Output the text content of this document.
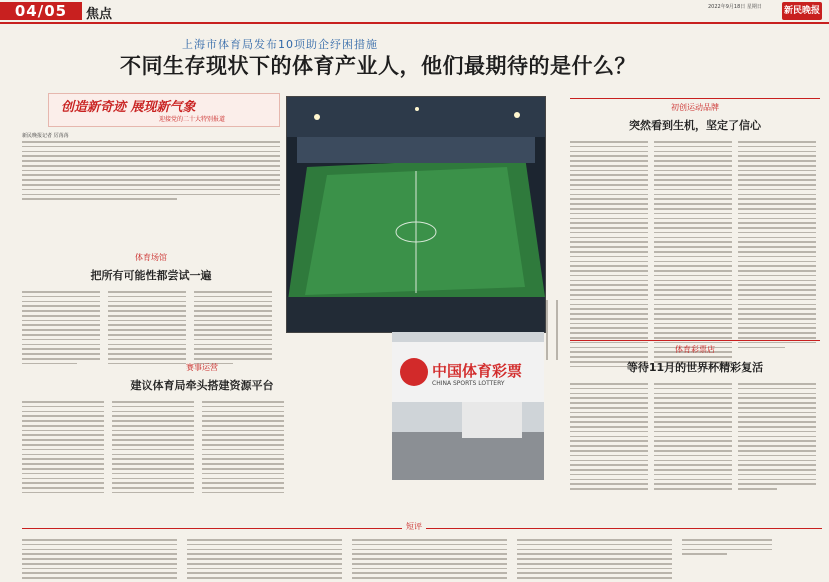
04/05	焦点	2022年9月18日 星期日	新民晚报
上海市体育局发布10项助企纾困措施
不同生存现状下的体育产业人，他们最期待的是什么？
创造新奇迹 展现新气象
迎接党的二十大特别报道
新民晚报记者 厉苒苒
体育场馆
把所有可能性都尝试一遍
赛事运营
建议体育局牵头搭建资源平台
中国体育彩票
CHINA SPORTS LOTTERY
初创运动品牌
突然看到生机，坚定了信心
体育彩票店
等待11月的世界杯精彩复活
短评
